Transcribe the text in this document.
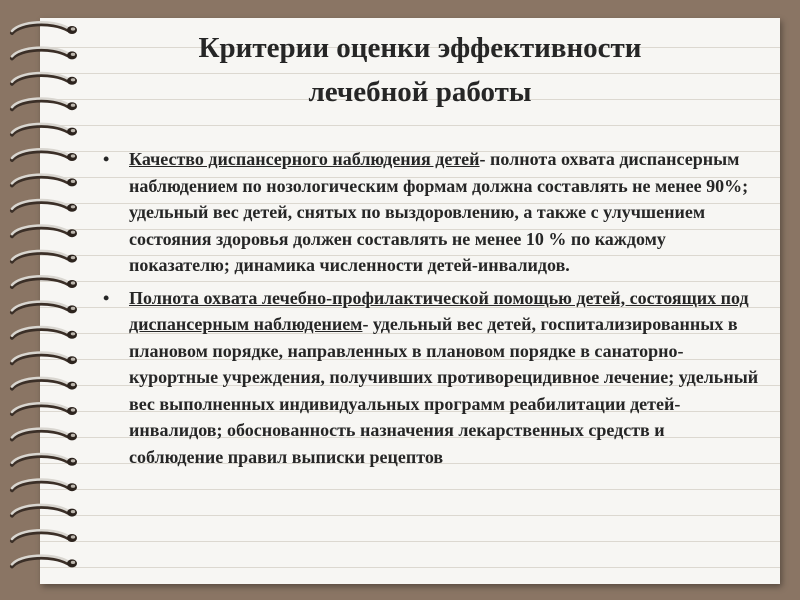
Критерии оценки эффективности
лечебной работы
• Качество диспансерного наблюдения детей- полнота охвата диспансерным наблюдением по нозологическим формам должна составлять не менее 90%; удельный вес детей, снятых по выздоровлению, а также с улучшением состояния здоровья должен составлять не менее 10 % по каждому показателю; динамика численности детей-инвалидов.
• Полнота охвата лечебно-профилактической помощью детей, состоящих под диспансерным наблюдением- удельный вес детей, госпитализированных в плановом порядке, направленных в плановом порядке в санаторно-курортные учреждения, получивших противорецидивное лечение; удельный вес выполненных индивидуальных программ реабилитации детей-инвалидов; обоснованность назначения лекарственных средств и соблюдение правил выписки рецептов
